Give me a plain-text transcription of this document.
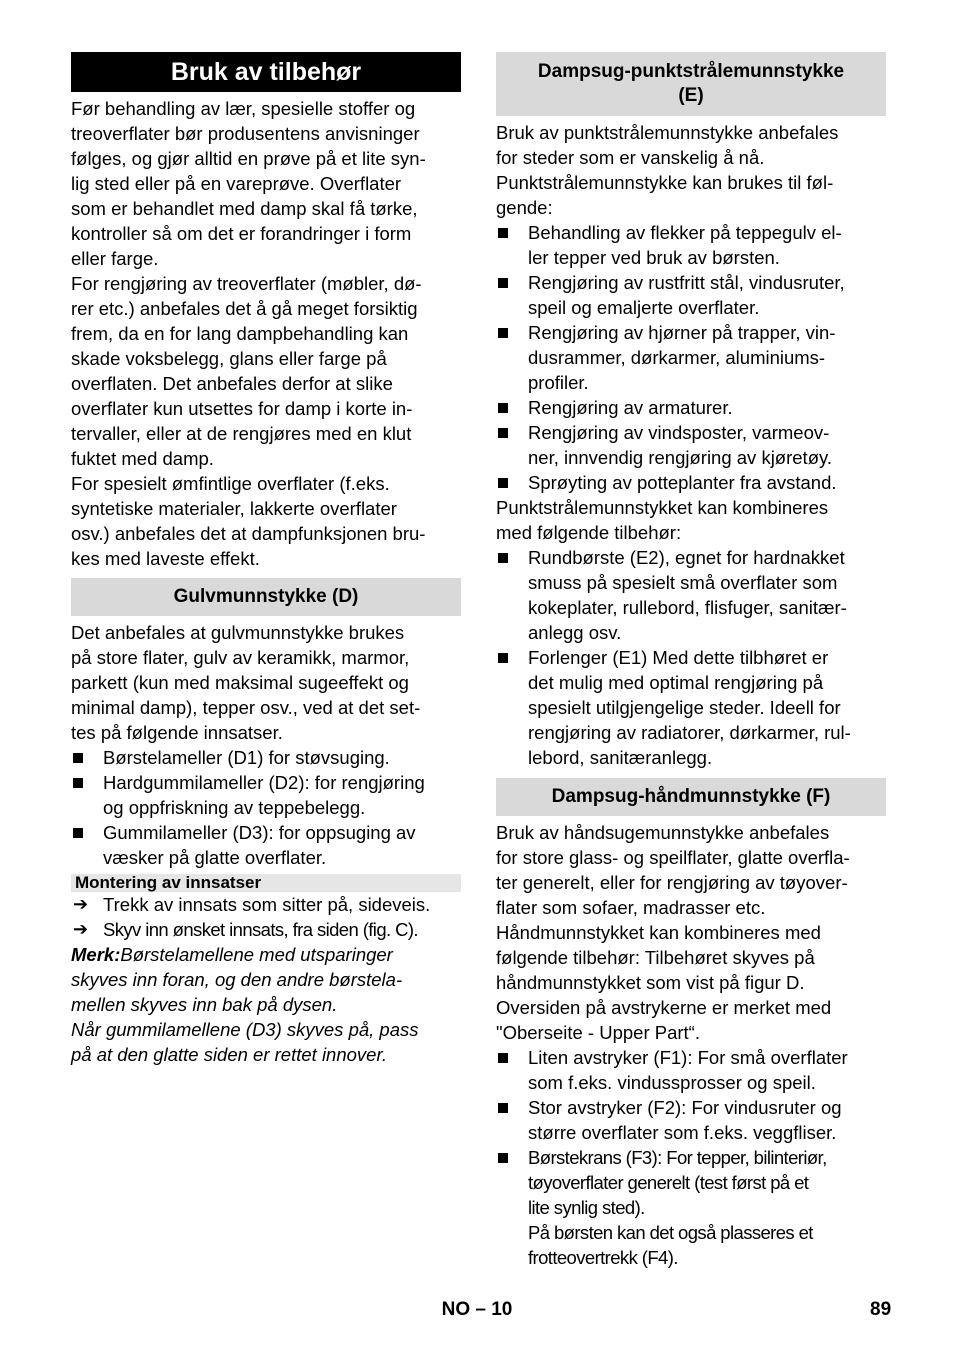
Bruk av tilbehør

Før behandling av lær, spesielle stoffer og
treoverflater bør produsentens anvisninger
følges, og gjør alltid en prøve på et lite syn-
lig sted eller på en vareprøve. Overflater
som er behandlet med damp skal få tørke,
kontroller så om det er forandringer i form
eller farge.

For rengjøring av treoverflater (møbler, dø-
rer etc.) anbefales det å gå meget forsiktig
frem, da en for lang dampbehandling kan
skade voksbelegg, glans eller farge på
overflaten. Det anbefales derfor at slike
overflater kun utsettes for damp i korte in-
tervaller, eller at de rengjøres med en klut
fuktet med damp.

For spesielt ømfintlige overflater (f.eks.
syntetiske materialer, lakkerte overflater
osv.) anbefales det at dampfunksjonen bru-
kes med laveste effekt.

Gulvmunnstykke (D)

Det anbefales at gulvmunnstykke brukes
på store flater, gulv av keramikk, marmor,
parkett (kun med maksimal sugeeffekt og
minimal damp), tepper osv., ved at det set-
tes på følgende innsatser.

Børstelameller (D1) for støvsuging.
Hardgummilameller (D2): for rengjøring
og oppfriskning av teppebelegg.
Gummilameller (D3): for oppsuging av
væsker på glatte overflater.
Montering av innsatser
➔ Trekk av innsats som sitter på, sideveis.
➔ Skyv inn ønsket innsats, fra siden (fig. C).

Merk:Børstelamellene med utsparinger
skyves inn foran, og den andre børstela-
mellen skyves inn bak på dysen.

Når gummilamellene (D3) skyves på, pass
på at den glatte siden er rettet innover.

Dampsug-punktstrålemunnstykke
(E)

Bruk av punktstrålemunnstykke anbefales
for steder som er vanskelig å nå.
Punktstrålemunnstykke kan brukes til føl-
gende:

Behandling av flekker på teppegulv el-
ler tepper ved bruk av børsten.
Rengjøring av rustfritt stål, vindusruter,
speil og emaljerte overflater.
Rengjøring av hjørner på trapper, vin-
dusrammer, dørkarmer, aluminiums-
profiler.
Rengjøring av armaturer.
Rengjøring av vindsposter, varmeov-
ner, innvendig rengjøring av kjøretøy.
Sprøyting av potteplanter fra avstand.

Punktstrålemunnstykket kan kombineres
med følgende tilbehør:

Rundbørste (E2), egnet for hardnakket
smuss på spesielt små overflater som
kokeplater, rullebord, flisfuger, sanitær-
anlegg osv.
Forlenger (E1) Med dette tilbhøret er
det mulig med optimal rengjøring på
spesielt utilgjengelige steder. Ideell for
rengjøring av radiatorer, dørkarmer, rul-
lebord, sanitæranlegg.
Dampsug-håndmunnstykke (F)

Bruk av håndsugemunnstykke anbefales
for store glass- og speilflater, glatte overfla-
ter generelt, eller for rengjøring av tøyover-
flater som sofaer, madrasser etc.
Håndmunnstykket kan kombineres med
følgende tilbehør: Tilbehøret skyves på
håndmunnstykket som vist på figur D.
Oversiden på avstrykerne er merket med
"Oberseite - Upper Part“.

Liten avstryker (F1): For små overflater
som f.eks. vindussprosser og speil.
Stor avstryker (F2): For vindusruter og
større overflater som f.eks. veggfliser.
Børstekrans (F3): For tepper, bilinteriør,
tøyoverflater generelt (test først på et
lite synlig sted).
På børsten kan det også plasseres et
frotteovertrekk (F4).
NO – 10	89
